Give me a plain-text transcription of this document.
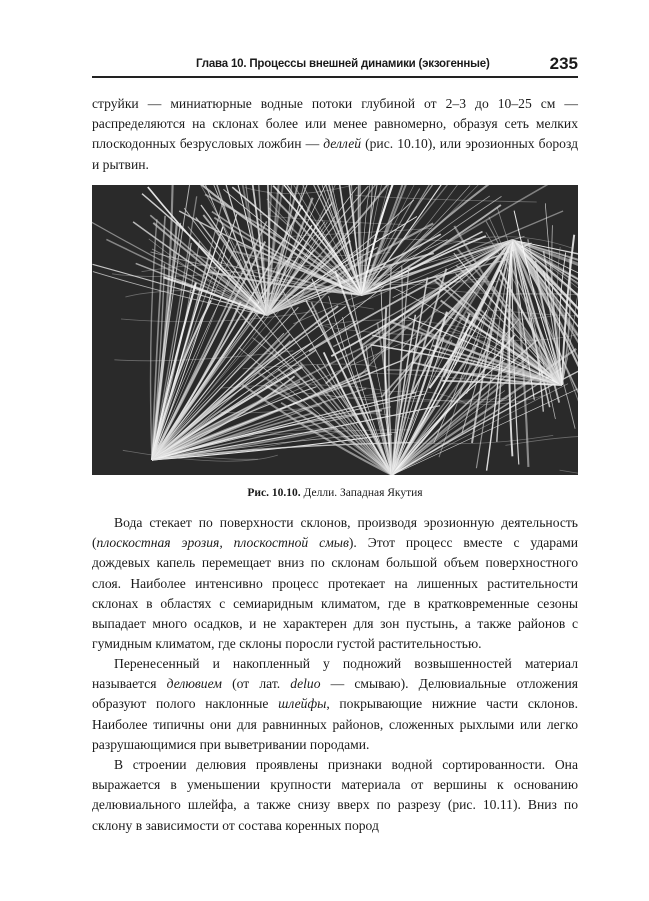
Глава 10. Процессы внешней динамики (экзогенные)	235

струйки — миниатюрные водные потоки глубиной от 2–3 до 10–25 см — распределяются на склонах более или менее равномерно, образуя сеть мелких плоскодонных безрусловых ложбин — деллей (рис. 10.10), или эрозионных борозд и рытвин.

Рис. 10.10. Делли. Западная Якутия

Вода стекает по поверхности склонов, производя эрозионную деятельность (плоскостная эрозия, плоскостной смыв). Этот процесс вместе с ударами дождевых капель перемещает вниз по склонам большой объем поверхностного слоя. Наиболее интенсивно процесс протекает на лишенных растительности склонах в областях с семиаридным климатом, где в кратковременные сезоны выпадает много осадков, и не характерен для зон пустынь, а также районов с гумидным климатом, где склоны поросли густой растительностью.

Перенесенный и накопленный у подножий возвышенностей материал называется делювием (от лат. deluo — смываю). Делювиальные отложения образуют полого наклонные шлейфы, покрывающие нижние части склонов. Наиболее типичны они для равнинных районов, сложенных рыхлыми или легко разрушающимися при выветривании породами.

В строении делювия проявлены признаки водной сортированности. Она выражается в уменьшении крупности материала от вершины к основанию делювиального шлейфа, а также снизу вверх по разрезу (рис. 10.11). Вниз по склону в зависимости от состава коренных пород
